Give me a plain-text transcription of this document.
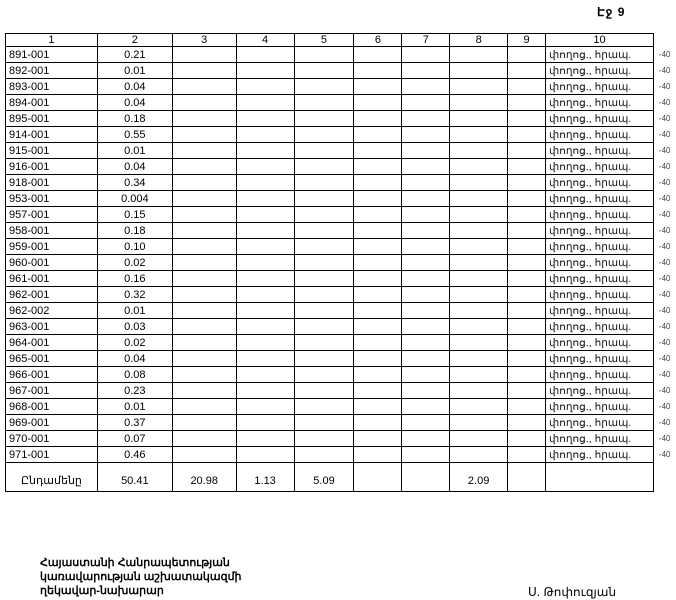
Էջ 9
1	2	3	4	5	6	7	8	9	10	
891-001	0.21								փողոց., հրապ.	-40
892-001	0.01								փողոց., հրապ.	-40
893-001	0.04								փողոց., հրապ.	-40
894-001	0.04								փողոց., հրապ.	-40
895-001	0.18								փողոց., հրապ.	-40
914-001	0.55								փողոց., հրապ.	-40
915-001	0.01								փողոց., հրապ.	-40
916-001	0.04								փողոց., հրապ.	-40
918-001	0.34								փողոց., հրապ.	-40
953-001	0.004								փողոց., հրապ.	-40
957-001	0.15								փողոց., հրապ.	-40
958-001	0.18								փողոց., հրապ.	-40
959-001	0.10								փողոց., հրապ.	-40
960-001	0.02								փողոց., հրապ.	-40
961-001	0.16								փողոց., հրապ.	-40
962-001	0.32								փողոց., հրապ.	-40
962-002	0.01								փողոց., հրապ.	-40
963-001	0.03								փողոց., հրապ.	-40
964-001	0.02								փողոց., հրապ.	-40
965-001	0.04								փողոց., հրապ.	-40
966-001	0.08								փողոց., հրապ.	-40
967-001	0.23								փողոց., հրապ.	-40
968-001	0.01								փողոց., հրապ.	-40
969-001	0.37								փողոց., հրապ.	-40
970-001	0.07								փողոց., հրապ.	-40
971-001	0.46								փողոց., հրապ.	-40
Ընդամենը	50.41	20.98	1.13	5.09			2.09			
Հայաստանի Հանրապետության
կառավարության աշխատակազմի
ղեկավար-նախարար	Ս. Թոփուզյան
